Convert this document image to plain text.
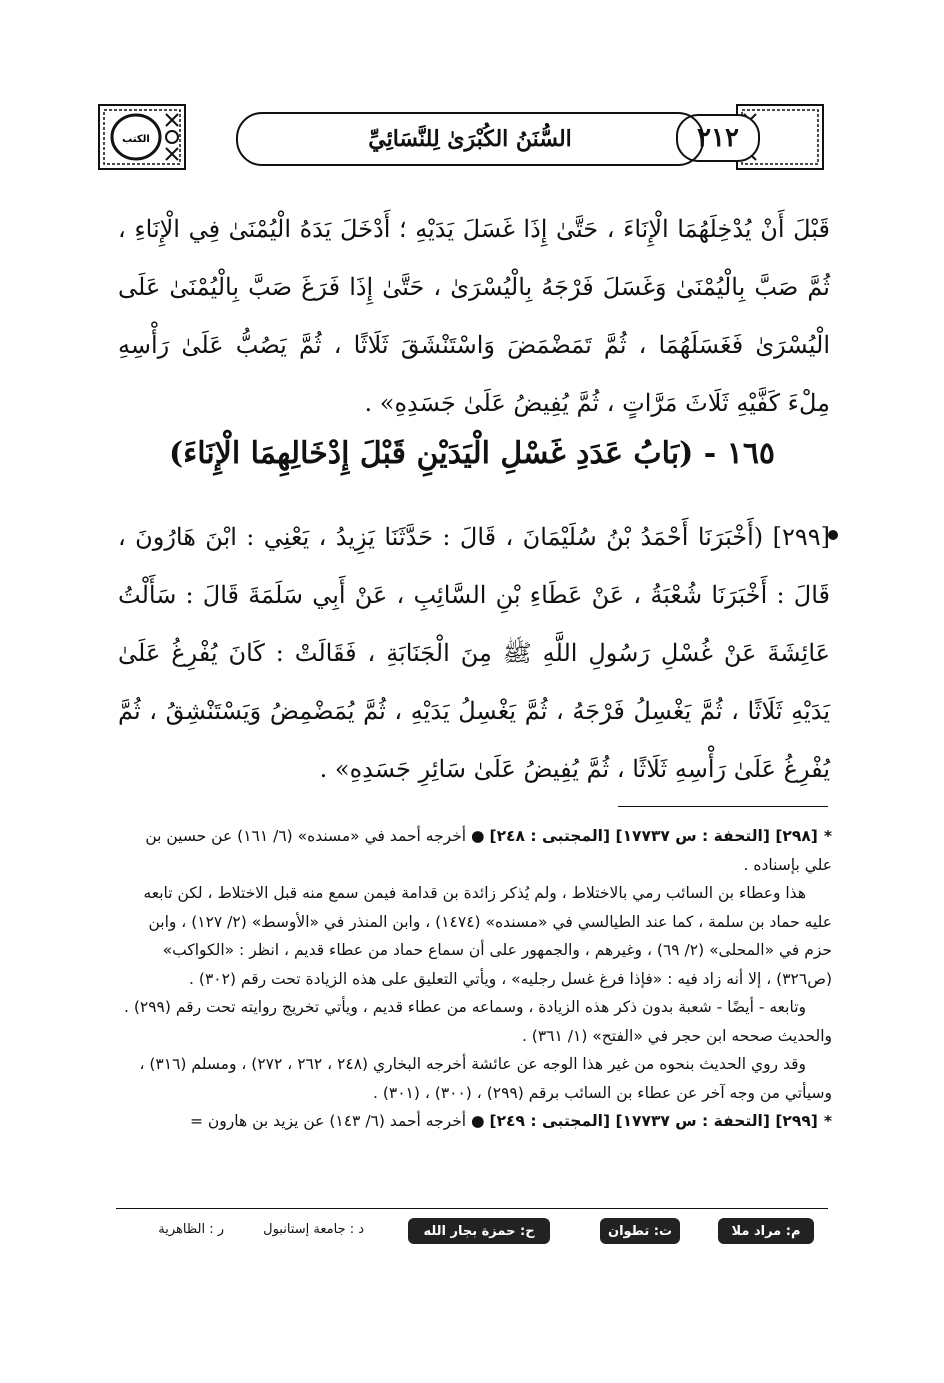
الكتب	٢١٢
السُّنَنُ الكُبْرَىٰ لِلنَّسَائِيِّ
قَبْلَ أَنْ يُدْخِلَهُمَا الْإِنَاءَ ، حَتَّىٰ إِذَا غَسَلَ يَدَيْهِ ؛ أَدْخَلَ يَدَهُ الْيُمْنَىٰ فِي الْإِنَاءِ ، ثُمَّ صَبَّ بِالْيُمْنَىٰ وَغَسَلَ فَرْجَهُ بِالْيُسْرَىٰ ، حَتَّىٰ إِذَا فَرَغَ صَبَّ بِالْيُمْنَىٰ عَلَى الْيُسْرَىٰ فَغَسَلَهُمَا ، ثُمَّ تَمَضْمَضَ وَاسْتَنْشَقَ ثَلَاثًا ، ثُمَّ يَصُبُّ عَلَىٰ رَأْسِهِ مِلْءَ كَفَّيْهِ ثَلَاثَ مَرَّاتٍ ، ثُمَّ يُفِيضُ عَلَىٰ جَسَدِهِ» .
١٦٥ - (بَابُ عَدَدِ غَسْلِ الْيَدَيْنِ قَبْلَ إِدْخَالِهِمَا الْإِنَاءَ)
[٢٩٩] (أَخْبَرَنَا أَحْمَدُ بْنُ سُلَيْمَانَ ، قَالَ : حَدَّثَنَا يَزِيدُ ، يَعْنِي : ابْنَ هَارُونَ ، قَالَ : أَخْبَرَنَا شُعْبَةُ ، عَنْ عَطَاءِ بْنِ السَّائِبِ ، عَنْ أَبِي سَلَمَةَ قَالَ : سَأَلْتُ عَائِشَةَ عَنْ غُسْلِ رَسُولِ اللَّهِ ﷺ مِنَ الْجَنَابَةِ ، فَقَالَتْ : كَانَ يُفْرِغُ عَلَىٰ يَدَيْهِ ثَلَاثًا ، ثُمَّ يَغْسِلُ فَرْجَهُ ، ثُمَّ يَغْسِلُ يَدَيْهِ ، ثُمَّ يُمَضْمِضُ وَيَسْتَنْشِقُ ، ثُمَّ يُفْرِغُ عَلَىٰ رَأْسِهِ ثَلَاثًا ، ثُمَّ يُفِيضُ عَلَىٰ سَائِرِ جَسَدِهِ» .

*[٢٩٨] [التحفة : س ١٧٧٣٧] [المجتبى : ٢٤٨] ● أخرجه أحمد في «مسنده» (٦/ ١٦١) عن حسين بن علي بإسناده .

هذا وعطاء بن السائب رمي بالاختلاط ، ولم يُذكر زائدة بن قدامة فيمن سمع منه قبل الاختلاط ، لكن تابعه عليه حماد بن سلمة ، كما عند الطيالسي في «مسنده» (١٤٧٤) ، وابن المنذر في «الأوسط» (٢/ ١٢٧) ، وابن حزم في «المحلى» (٢/ ٦٩) ، وغيرهم ، والجمهور على أن سماع حماد من عطاء قديم ، انظر : «الكواكب» (ص٣٢٦) ، إلا أنه زاد فيه : «فإذا فرغ غسل رجليه» ، ويأتي التعليق على هذه الزيادة تحت رقم (٣٠٢) .

وتابعه - أيضًا - شعبة بدون ذكر هذه الزيادة ، وسماعه من عطاء قديم ، ويأتي تخريج روايته تحت رقم (٢٩٩) . والحديث صححه ابن حجر في «الفتح» (١/ ٣٦١) .

وقد روي الحديث بنحوه من غير هذا الوجه عن عائشة أخرجه البخاري (٢٤٨ ، ٢٦٢ ، ٢٧٢) ، ومسلم (٣١٦) ، وسيأتي من وجه آخر عن عطاء بن السائب برقم (٢٩٩) ، (٣٠٠) ، (٣٠١) .

*[٢٩٩] [التحفة : س ١٧٧٣٧] [المجتبى : ٢٤٩] ● أخرجه أحمد (٦/ ١٤٣) عن يزيد بن هارون =

م: مراد ملا
ت: تطوان
ح: حمزة بجار الله
د : جامعة إستانبول
ر : الظاهرية
